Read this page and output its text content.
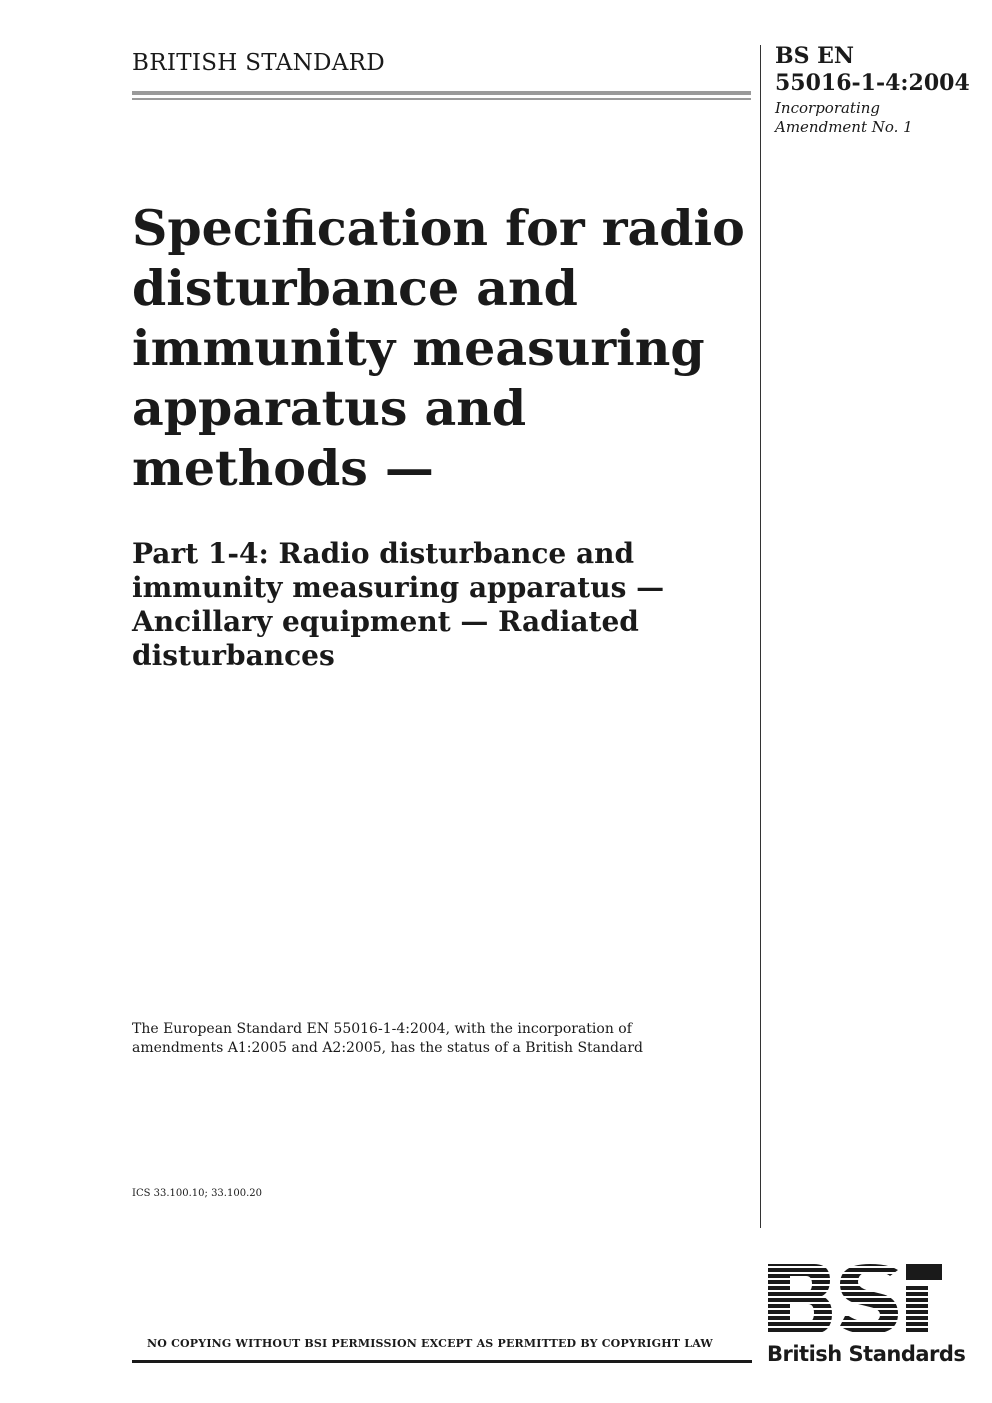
BRITISH STANDARD	BS EN
55016-1-4:2004
Incorporating
Amendment No. 1
Specification for radio
disturbance and
immunity measuring
apparatus and
methods —
Part 1-4: Radio disturbance and
immunity measuring apparatus —
Ancillary equipment — Radiated
disturbances
The European Standard EN 55016-1-4:2004, with the incorporation of
amendments A1:2005 and A2:2005, has the status of a British Standard
ICS 33.100.10; 33.100.20
NO COPYING WITHOUT BSI PERMISSION EXCEPT AS PERMITTED BY COPYRIGHT LAW	British Standards
